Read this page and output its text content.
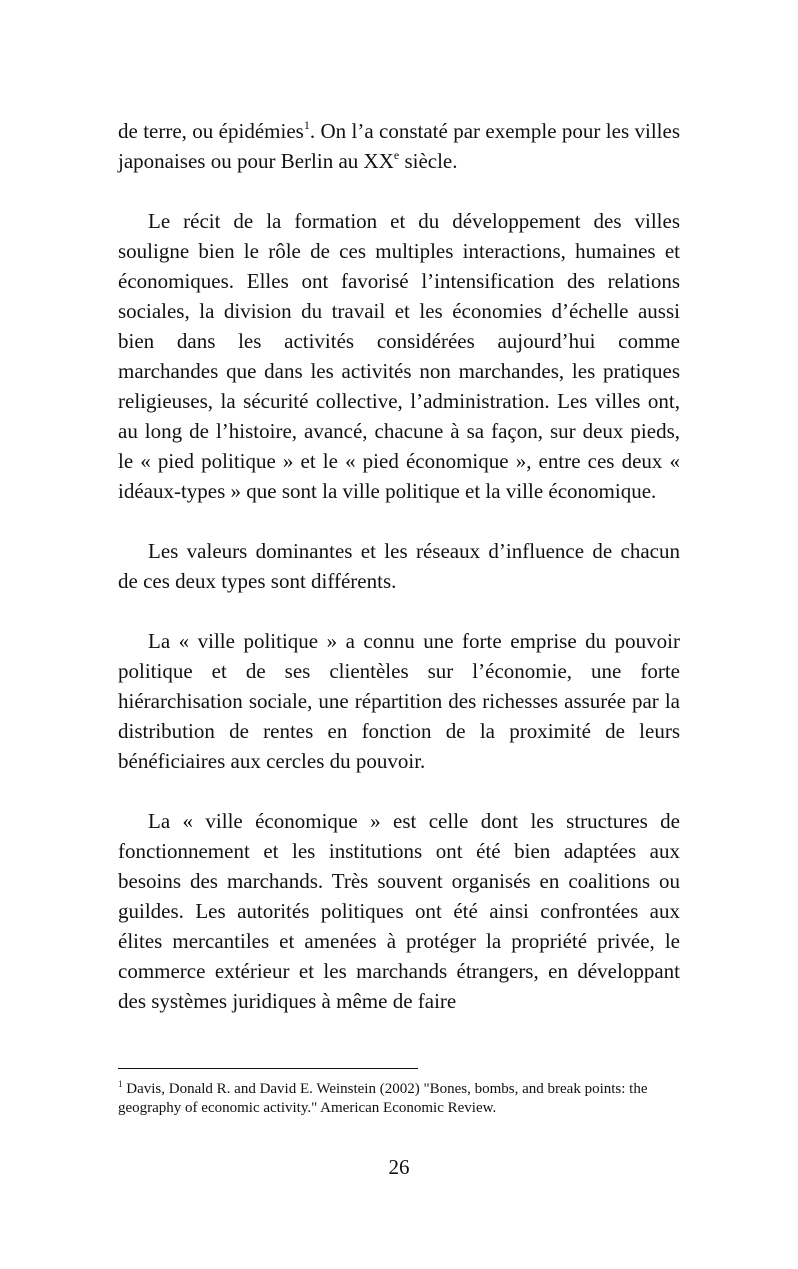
de terre, ou épidémies$^1$. On l’a constaté par exemple pour les villes japonaises ou pour Berlin au XXe siècle.

Le récit de la formation et du développement des villes souligne bien le rôle de ces multiples interactions, humaines et économiques. Elles ont favorisé l’intensification des relations sociales, la division du travail et les économies d’échelle aussi bien dans les activités considérées aujourd’hui comme marchandes que dans les activités non marchandes, les pratiques religieuses, la sécurité collective, l’administration. Les villes ont, au long de l’histoire, avancé, chacune à sa façon, sur deux pieds, le « pied politique » et le « pied économique », entre ces deux « idéaux-types » que sont la ville politique et la ville économique.

Les valeurs dominantes et les réseaux d’influence de chacun de ces deux types sont différents.

La « ville politique » a connu une forte emprise du pouvoir politique et de ses clientèles sur l’économie, une forte hiérarchisation sociale, une répartition des richesses assurée par la distribution de rentes en fonction de la proximité de leurs bénéficiaires aux cercles du pouvoir.

La « ville économique » est celle dont les structures de fonctionnement et les institutions ont été bien adaptées aux besoins des marchands. Très souvent organisés en coalitions ou guildes. Les autorités politiques ont été ainsi confrontées aux élites mercantiles et amenées à protéger la propriété privée, le commerce extérieur et les marchands étrangers, en développant des systèmes juridiques à même de faire

$^1$ Davis, Donald R. and David E. Weinstein (2002) "Bones, bombs, and break points: the geography of economic activity." American Economic Review.
26
